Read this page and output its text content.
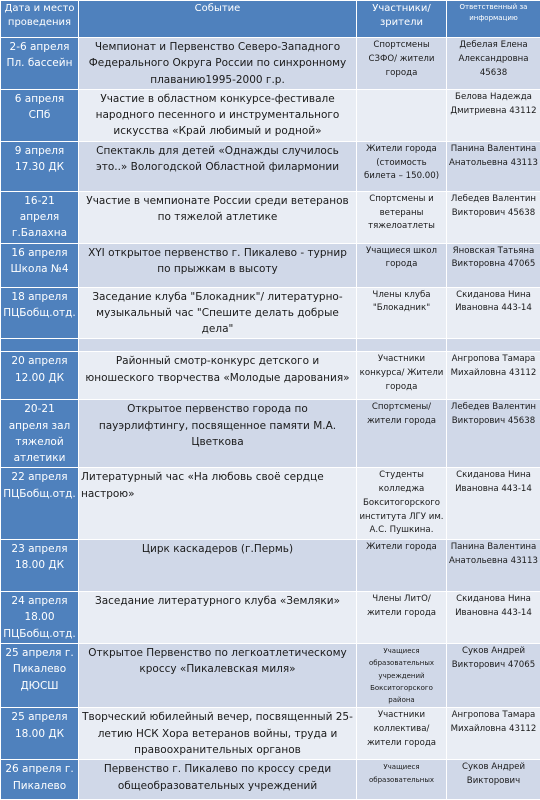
Дата и место проведения	Событие	Участники/зрители	Ответственный за информацию
2-6 апреля Пл. бассейн	Чемпионат и Первенство Северо-Западного Федерального Округа России по синхронному плаванию1995-2000 г.р.	Спортсмены СЗФО/ жители города	Дебелая Елена Александровна 45638
6 апреля СПб	Участие в областном конкурсе-фестивале народного песенного и инструментального искусства «Край любимый и родной»		Белова Надежда Дмитриевна 43112
9 апреля 17.30 ДК	Спектакль для детей «Однажды случилось это..» Вологодской Областной филармонии	Жители города (стоимость билета – 150.00)	Панина Валентина Анатольевна 43113
16-21 апреля г.Балахна	Участие в чемпионате России среди ветеранов по тяжелой атлетике	Спортсмены и ветераны тяжелоатлеты	Лебедев Валентин Викторович 45638
16 апреля Школа №4	XYI открытое первенство г. Пикалево - турнир по прыжкам в высоту	Учащиеся школ города	Яновская Татьяна Викторовна 47065
18 апреля ПЦБобщ.отд.	Заседание клуба "Блокадник"/ литературно-музыкальный час "Спешите делать добрые дела"	Члены клуба "Блокадник"	Скиданова Нина Ивановна 443-14

20 апреля 12.00 ДК	Районный смотр-конкурс детского и юношеского творчества «Молодые дарования»	Участники конкурса/ Жители города	Ангропова Тамара Михайловна 43112
20-21 апреля зал тяжелой атлетики	Открытое первенство города по пауэрлифтингу, посвященное памяти М.А. Цветкова	Спортсмены/ жители города	Лебедев Валентин Викторович 45638
22 апреля ПЦБобщ.отд.	Литературный час «На любовь своё сердце настрою»	Студенты колледжа Бокситогорского института ЛГУ им. А.С. Пушкина.	Скиданова Нина Ивановна 443-14
23 апреля 18.00 ДК	Цирк каскадеров (г.Пермь)	Жители города	Панина Валентина Анатольевна 43113
24 апреля 18.00 ПЦБобщ.отд.	Заседание литературного клуба «Земляки»	Члены ЛитО/жители города	Скиданова Нина Ивановна 443-14
25 апреля г. Пикалево ДЮСШ	Открытое Первенство по легкоатлетическому кроссу «Пикалевская миля»	Учащиеся образовательных учреждений Бокситогорского района	Суков Андрей Викторович 47065
25 апреля 18.00 ДК	Творческий юбилейный вечер, посвященный 25-летию НСК Хора ветеранов войны, труда и правоохранительных органов	Участники коллектива/жители города	Ангропова Тамара Михайловна 43112
26 апреля г. Пикалево	Первенство г. Пикалево по кроссу среди общеобразовательных учреждений	Учащиеся образовательных	Суков Андрей Викторович
